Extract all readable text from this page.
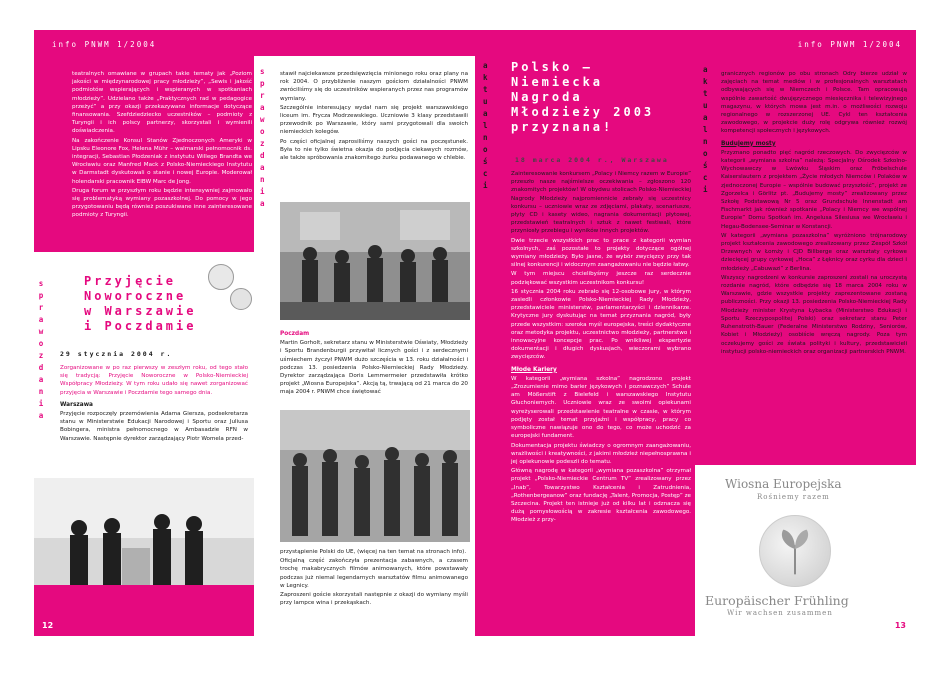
info PNWM 1/2004

teatralnych omawiane w grupach takie tematy jak „Poziom jakości w międzynarodowej pracy młodzieży”, „Sewis i jakość podmiotów wspierających i wspieranych w spotkaniach młodzieży”. Udzielano także „Praktycznych rad w pedagogice przeżyć” a przy okazji przekazywano informacje dotyczące finansowania. Szefdziedziecko uczestników – podmioty z Turyngii i ich polscy partnerzy, skorzystali i wymienili doświadczenia.

Na zakończenie Konsul Stanów Zjednoczonych Ameryki w Lipsku Eleonore Fox, Helena Mühr – walmarski pełnomocnik ds. integracji, Sebastian Płodzeniak z instytutu Willego Brandta we Wrocławiu oraz Manfred Mack z Polsko-Niemieckiego Instytutu w Darmstadt dyskutowali o stanie i nowej Europie. Moderował holendarski pracownik EIBW Marc de Jong.

Druga forum w przyszłym roku będzie intensywniej zajmowało się problematyką wymiany pozaszkolnej. Do pomocy w jego przygotowaniu będą również poszukiwane inne zainteresowane podmioty z Turyngii.

s
p
r
a
w
o
z
d
a
n
i
a

stawił najciekawsze przedsięwzięcia minionego roku oraz plany na rok 2004. O przybliżenie naszym gościom działalności PNWM zwróciliśmy się do uczestników wspieranych przez nas programów wymiany.

Szczególnie interesujący wydał nam się projekt warszawskiego liceum im. Frycza Modrzewskiego. Uczniowie 3 klasy przedstawili przewodnik po Warszawie, który sami przygotowali dla swoich niemieckich kolegów.

Po części oficjalnej zaprosiliśmy naszych gości na poczęstunek. Była to nie tylko świetna okazja do podjęcia ciekawych rozmów, ale także spróbowania znakomitego żurku podawanego w chlebie.

Przyjęcie
Noworoczne
w Warszawie
i Poczdamie
s
p
r
a
w
o
z
d
a
n
i
a
29 stycznia 2004 r.

Zorganizowane w po raz pierwszy w zeszłym roku, od tego stało się tradycją: Przyjęcie Noworoczne w Polsko-Niemieckiej Współpracy Młodzieży. W tym roku udało się nawet zorganizować przyjęcia w Warszawie i Poczdamie tego samego dnia.

Warszawa

Przyjęcie rozpoczęły przemówienia Adama Giersza, podsekretarza stanu w Ministerstwie Edukacji Narodowej i Sportu oraz Juliusa Bobingera, ministra pełnomocnego w Ambasadzie RFN w Warszawie. Następnie dyrektor zarządzający Piotr Womela przed-

12

Poczdam

Martin Gorholt, sekretarz stanu w Ministerstwie Oświaty, Młodzieży i Sportu Brandenburgii przywitał licznych gości i z serdecznymi uśmiechem życzył PNWM dużo szczęścia w 13. roku działalności i podczas 13. posiedzenia Polsko-Niemieckiej Rady Młodzieży. Dyrektor zarządzająca Doris Lemmermeier przedstawiła krótko projekt „Wiosna Europejska”. Akcją tą, trwającą od 21 marca do 20 maja 2004 r. PNWM chce świętować

przystąpienie Polski do UE, (więcej na ten temat na stronach info).

Oficjalną część zakończyła prezentacja zabawnych, a czasem trochę makabrycznych filmów animowanych, które powstawały podczas już niemal legendarnych warsztatów filmu animowanego w Legnicy.

Zaproszeni goście skorzystali następnie z okazji do wymiany myśli przy lampce wina i przekąskach.

info PNWM 1/2004
a
k
t
u
a
l
n
o
ś
c
i
Polsko –
Niemiecka
Nagroda
Młodzieży 2003
przyznana!
18 marca 2004 r., Warszawa
a
k
t
u
a
l
n
o
ś
c
i

Zainteresowanie konkursem „Polacy i Niemcy razem w Europie” przeszło nasze najśmielsze oczekiwania – zgłoszono 120 znakomitych projektów! W obydwu stolicach Polsko-Niemieckiej Nagrody Młodzieży najpromiennicie zebrały się uczestnicy konkursu – uczniowie wraz ze zdjęciami, plakaty, scenariusze, płyty CD i kasety wideo, nagrania dokumentacji płytowej, przedstawień teatralnych i sztuk z nawet festiwali, które przyniosły przebiegu i wyników innych projektów.

Dwie trzecie wszystkich prac to prace z kategorii wymian szkolnych, zaś pozostałe to projekty dotyczące ogólnej wymiany młodzieży. Było jasne, że wybór zwycięzcy przy tak silnej konkurencji i widocznym zaangażowaniu nie będzie łatwy.

W tym miejscu chcielibyśmy jeszcze raz serdecznie podziękować wszystkim uczestnikom konkursu!

16 stycznia 2004 roku zebrało się 12-osobowe jury, w którym zasiedli członkowie Polsko-Niemieckiej Rady Młodzieży, przedstawiciele ministerstw, parlamentarzyści i dziennikarze. Krytyczne jury dyskutując na temat przyznania nagród, były przede wszystkim: szeroka myśl europejska, treści dydaktyczne oraz metodyka projektu, uczestnictwo młodzieży, partnerstwo i innowacyjne koncepcje prac. Po wnikliwej ekspertyzie dokumentacji i długich dyskusjach, wieczorami wybrano zwycięzców.

Młode Kariery

W kategorii „wymiana szkolna” nagrodzono projekt „Zrozumienie mimo barier językowych i poznawczych” Schule am Mößerstift z Bielefeld i warszawskiego Instytutu Głuchoniemych. Uczniowie wraz ze swoimi opiekunami wyreżyserowali przedstawienie teatralne w czasie, w którym podjęty został temat przyjaźni i współpracy, pracy co symboliczne nawiązuje ono do tego, co może uchodzić za europejski fundament.

Dokumentacja projektu świadczy o ogromnym zaangażowaniu, wrażliwości i kreatywności, z jakimi młodzież niepełnosprawna i jej opiekunowie podeszli do tematu.

Główną nagrodę w kategorii „wymiana pozaszkolna” otrzymał projekt „Polsko-Niemieckie Centrum TV” zrealizowany przez „Inab”, Towarzystwo Kształcenia i Zatrudnienia, „Rothenbergeanow” oraz fundację „Talent, Promocja, Postęp” ze Szczecina. Projekt ten istnieje już od kilku lat i odznacza się dużą pomysłowością w zakresie kształcenia zawodowego. Młodzież z przy-

granicznych regionów po obu stronach Odry bierze udział w zajęciach na temat mediów i w profesjonalnych warsztatach odbywających się w Niemczech i Polsce. Tam opracowują wspólnie zawartość dwujęzycznego miesięcznika i telewizyjnego magazynu, w których mowa jest m.in. o możliwości rozwoju regionalnego w rozszerzonej UE. Cykl ten kształcenia zawodowego, w projekcie duży rolę odgrywa również rozwój kompetencji społecznych i językowych.

Budujemy mosty

Przyznano ponadto pięć nagród rzeczowych. Do zwycięzców w kategorii „wymiana szkolna” należą: Specjalny Ośrodek Szkolno-Wychowawczy w Lwówku Śląskim oraz Fröbelschule Kaiserslautern z projektem „Życie młodych Niemców i Polaków w zjednoczonej Europie – wspólnie budować przyszłość”, projekt ze Zgorzelca i Görlitz pt. „Budujemy mosty” zrealizowany przez Szkołę Podstawową Nr 5 oraz Grundschule Innenstadt am Fischmarkt jak również spotkanie „Polacy i Niemcy we wspólnej Europie” Domu Spotkań im. Angelusa Silesiusa we Wrocławiu i Hegau-Bodensee-Seminar w Konstancji.

W kategorii „wymiana pozaszkolna” wyróżniono trójnarodowy projekt kształcenia zawodowego zrealizowany przez Zespół Szkół Drzewnych w Łomży i CJD Billberge oraz warsztaty cyrkowe dziecięcej grupy cyrkowej „Hoca” z Łęknicy oraz cyrku dla dzieci i młodzieży „Cabuwazi” z Berlina.

Wszyscy nagrodzeni w konkursie zaproszeni zostali na uroczystą rozdanie nagród, które odbędzie się 18 marca 2004 roku w Warszawie, gdzie wszystkie projekty zaprezentowane zostaną publiczności. Przy okazji 13. posiedzenia Polsko-Niemieckiej Rady Młodzieży minister Krystyna Łybacka (Ministerstwo Edukacji i Sportu Rzeczypospolitej Polski) oraz sekretarz stanu Peter Ruhenstroth-Bauer (Federalne Ministerstwo Rodziny, Seniorów, Kobiet i Młodzieży) osobiście wręczą nagrody. Poza tym oczekujemy gości ze świata polityki i kultury, przedstawicieli instytucji polsko-niemieckich oraz organizacji partnerskich PNWM.

Wiosna Europejska
Rośniemy razem
Europäischer Frühling
Wir wachsen zusammen
13
